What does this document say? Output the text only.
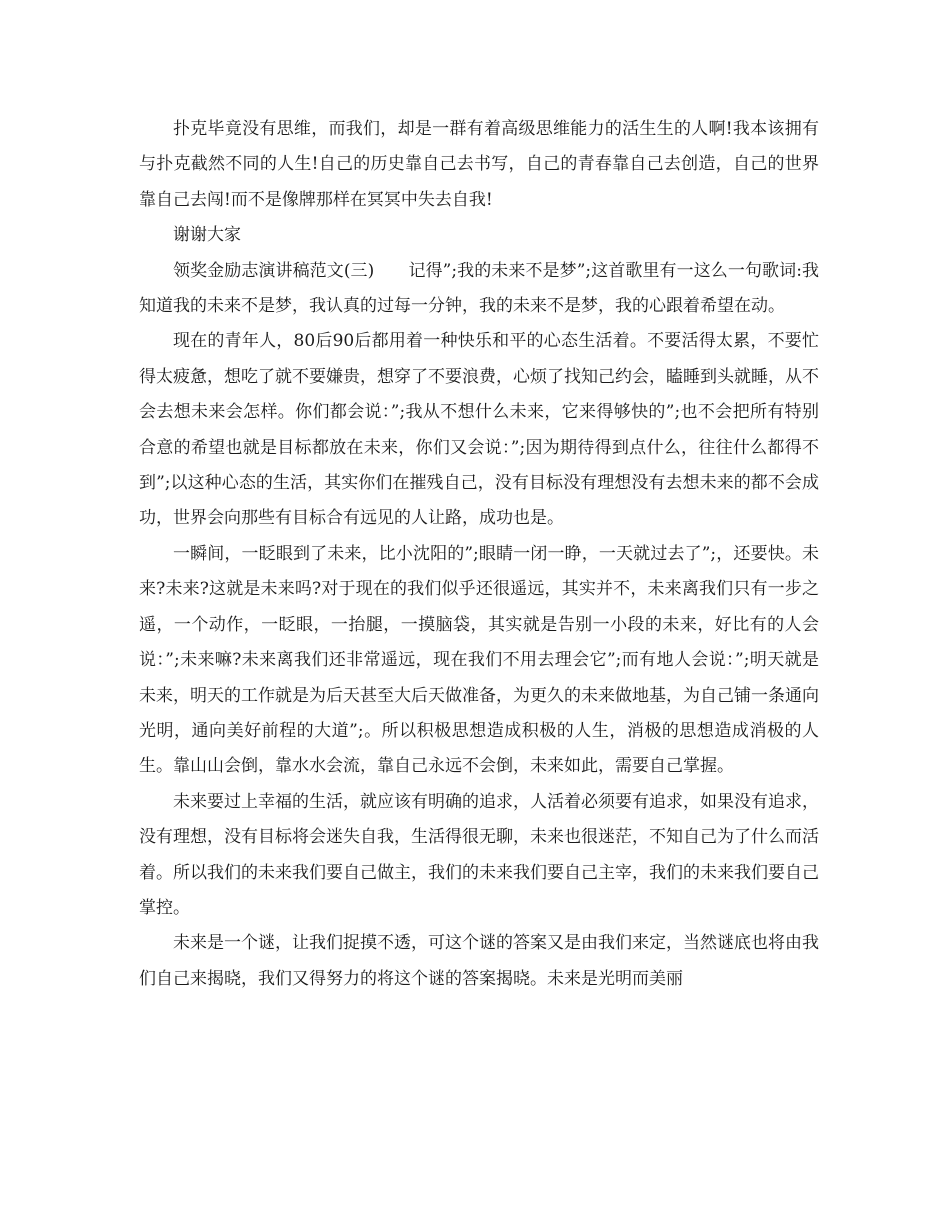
扑克毕竟没有思维，而我们，却是一群有着高级思维能力的活生生的人啊!我本该拥有与扑克截然不同的人生!自己的历史靠自己去书写，自己的青春靠自己去创造，自己的世界靠自己去闯!而不是像牌那样在冥冥中失去自我!

谢谢大家

领奖金励志演讲稿范文(三)　　记得”;我的未来不是梦”;这首歌里有一这么一句歌词:我知道我的未来不是梦，我认真的过每一分钟，我的未来不是梦，我的心跟着希望在动。

现在的青年人，80后90后都用着一种快乐和平的心态生活着。不要活得太累，不要忙得太疲惫，想吃了就不要嫌贵，想穿了不要浪费，心烦了找知己约会，瞌睡到头就睡，从不会去想未来会怎样。你们都会说：”;我从不想什么未来，它来得够快的”;也不会把所有特别合意的希望也就是目标都放在未来，你们又会说：”;因为期待得到点什么，往往什么都得不到”;以这种心态的生活，其实你们在摧残自己，没有目标没有理想没有去想未来的都不会成功，世界会向那些有目标合有远见的人让路，成功也是。

一瞬间，一眨眼到了未来，比小沈阳的”;眼睛一闭一睁，一天就过去了”;，还要快。未来?未来?这就是未来吗?对于现在的我们似乎还很遥远，其实并不，未来离我们只有一步之遥，一个动作，一眨眼，一抬腿，一摸脑袋，其实就是告别一小段的未来，好比有的人会说：”;未来嘛?未来离我们还非常遥远，现在我们不用去理会它”;而有地人会说：”;明天就是未来，明天的工作就是为后天甚至大后天做准备，为更久的未来做地基，为自己铺一条通向光明，通向美好前程的大道”;。所以积极思想造成积极的人生，消极的思想造成消极的人生。靠山山会倒，靠水水会流，靠自己永远不会倒，未来如此，需要自己掌握。

未来要过上幸福的生活，就应该有明确的追求，人活着必须要有追求，如果没有追求，没有理想，没有目标将会迷失自我，生活得很无聊，未来也很迷茫，不知自己为了什么而活着。所以我们的未来我们要自己做主，我们的未来我们要自己主宰，我们的未来我们要自己掌控。

未来是一个谜，让我们捉摸不透，可这个谜的答案又是由我们来定，当然谜底也将由我们自己来揭晓，我们又得努力的将这个谜的答案揭晓。未来是光明而美丽
